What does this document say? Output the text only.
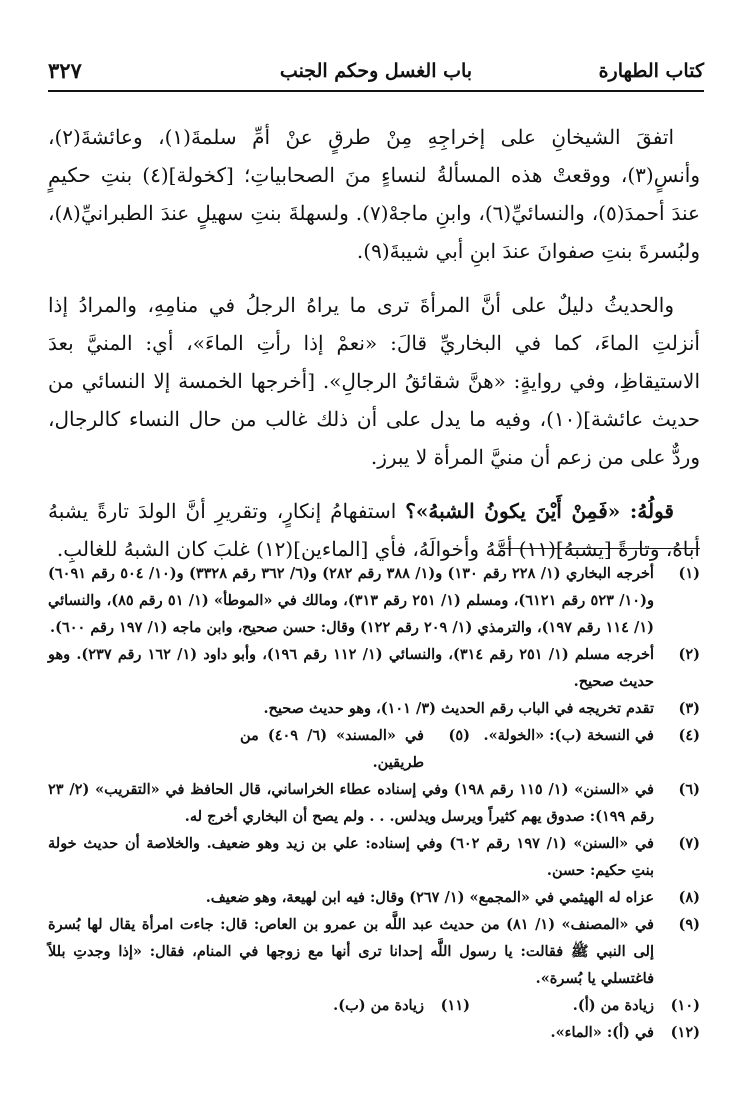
كتاب الطهارة
باب الغسل وحكم الجنب
٣٢٧

اتفقَ الشيخانِ على إخراجِهِ مِنْ طرقٍ عنْ أمِّ سلمةَ(١)، وعائشةَ(٢)، وأنسٍ(٣)، ووقعتْ هذه المسألةُ لنساءٍ منَ الصحابياتِ؛ [كخولة](٤) بنتِ حكيمٍ عندَ أحمدَ(٥)، والنسائيِّ(٦)، وابنِ ماجهْ(٧). ولسهلةَ بنتِ سهيلٍ عندَ الطبرانيِّ(٨)، ولبُسرةَ بنتِ صفوانَ عندَ ابنِ أبي شيبةَ(٩).

والحديثُ دليلٌ على أنَّ المرأةَ ترى ما يراهُ الرجلُ في منامِهِ، والمرادُ إذا أنزلتِ الماءَ، كما في البخاريِّ قالَ: «نعمْ إذا رأتِ الماءَ»، أي: المنيَّ بعدَ الاستيقاظِ، وفي روايةٍ: «هنَّ شقائقُ الرجالِ». [أخرجها الخمسة إلا النسائي من حديث عائشة](١٠)، وفيه ما يدل على أن ذلك غالب من حال النساء كالرجال، وردٌّ على من زعم أن منيَّ المرأة لا يبرز.

قولُهُ: «فَمِنْ أَيْنَ يكونُ الشبهُ»؟ استفهامُ إنكارٍ، وتقريرِ أنَّ الولدَ تارةً يشبهُ أباهُ، وتارةً [يشبهُ](١١) أمَّهُ وأخوالَهُ، فأي [الماءين](١٢) غلبَ كان الشبهُ للغالبِ.

(١)
أخرجه البخاري (١/ ٢٢٨ رقم ١٣٠) و(١/ ٣٨٨ رقم ٢٨٢) و(٦/ ٣٦٢ رقم ٣٣٢٨) و(١٠/ ٥٠٤ رقم ٦٠٩١) و(١٠/ ٥٢٣ رقم ٦١٢١)، ومسلم (١/ ٢٥١ رقم ٣١٣)، ومالك في «الموطأ» (١/ ٥١ رقم ٨٥)، والنسائي (١/ ١١٤ رقم ١٩٧)، والترمذي (١/ ٢٠٩ رقم ١٢٢) وقال: حسن صحيح، وابن ماجه (١/ ١٩٧ رقم ٦٠٠).
(٢)
أخرجه مسلم (١/ ٢٥١ رقم ٣١٤)، والنسائي (١/ ١١٢ رقم ١٩٦)، وأبو داود (١/ ١٦٢ رقم ٢٣٧). وهو حديث صحيح.
(٣)
تقدم تخريجه في الباب رقم الحديث (٣/ ١٠١)، وهو حديث صحيح.
(٤)
في النسخة (ب): «الخولة».
(٥)
في «المسند» (٦/ ٤٠٩) من طريقين.
(٦)
في «السنن» (١/ ١١٥ رقم ١٩٨) وفي إسناده عطاء الخراساني، قال الحافظ في «التقريب» (٢/ ٢٣ رقم ١٩٩): صدوق يهم كثيراً ويرسل ويدلس. . . ولم يصح أن البخاري أخرج له.
(٧)
في «السنن» (١/ ١٩٧ رقم ٦٠٢) وفي إسناده: علي بن زيد وهو ضعيف. والخلاصة أن حديث خولة بنتِ حكيم: حسن.
(٨)
عزاه له الهيثمي في «المجمع» (١/ ٢٦٧) وقال: فيه ابن لهيعة، وهو ضعيف.
(٩)
في «المصنف» (١/ ٨١) من حديث عبد اللَّه بن عمرو بن العاص: قال: جاءت امرأة يقال لها بُسرة إلى النبي ﷺ فقالت: يا رسول اللَّه إحدانا ترى أنها مع زوجها في المنام، فقال: «إذا وجدتِ بللاً فاغتسلي يا بُسرة».
(١٠)
زيادة من (أ).
(١١)
زيادة من (ب).
(١٢)
في (أ): «الماء».
